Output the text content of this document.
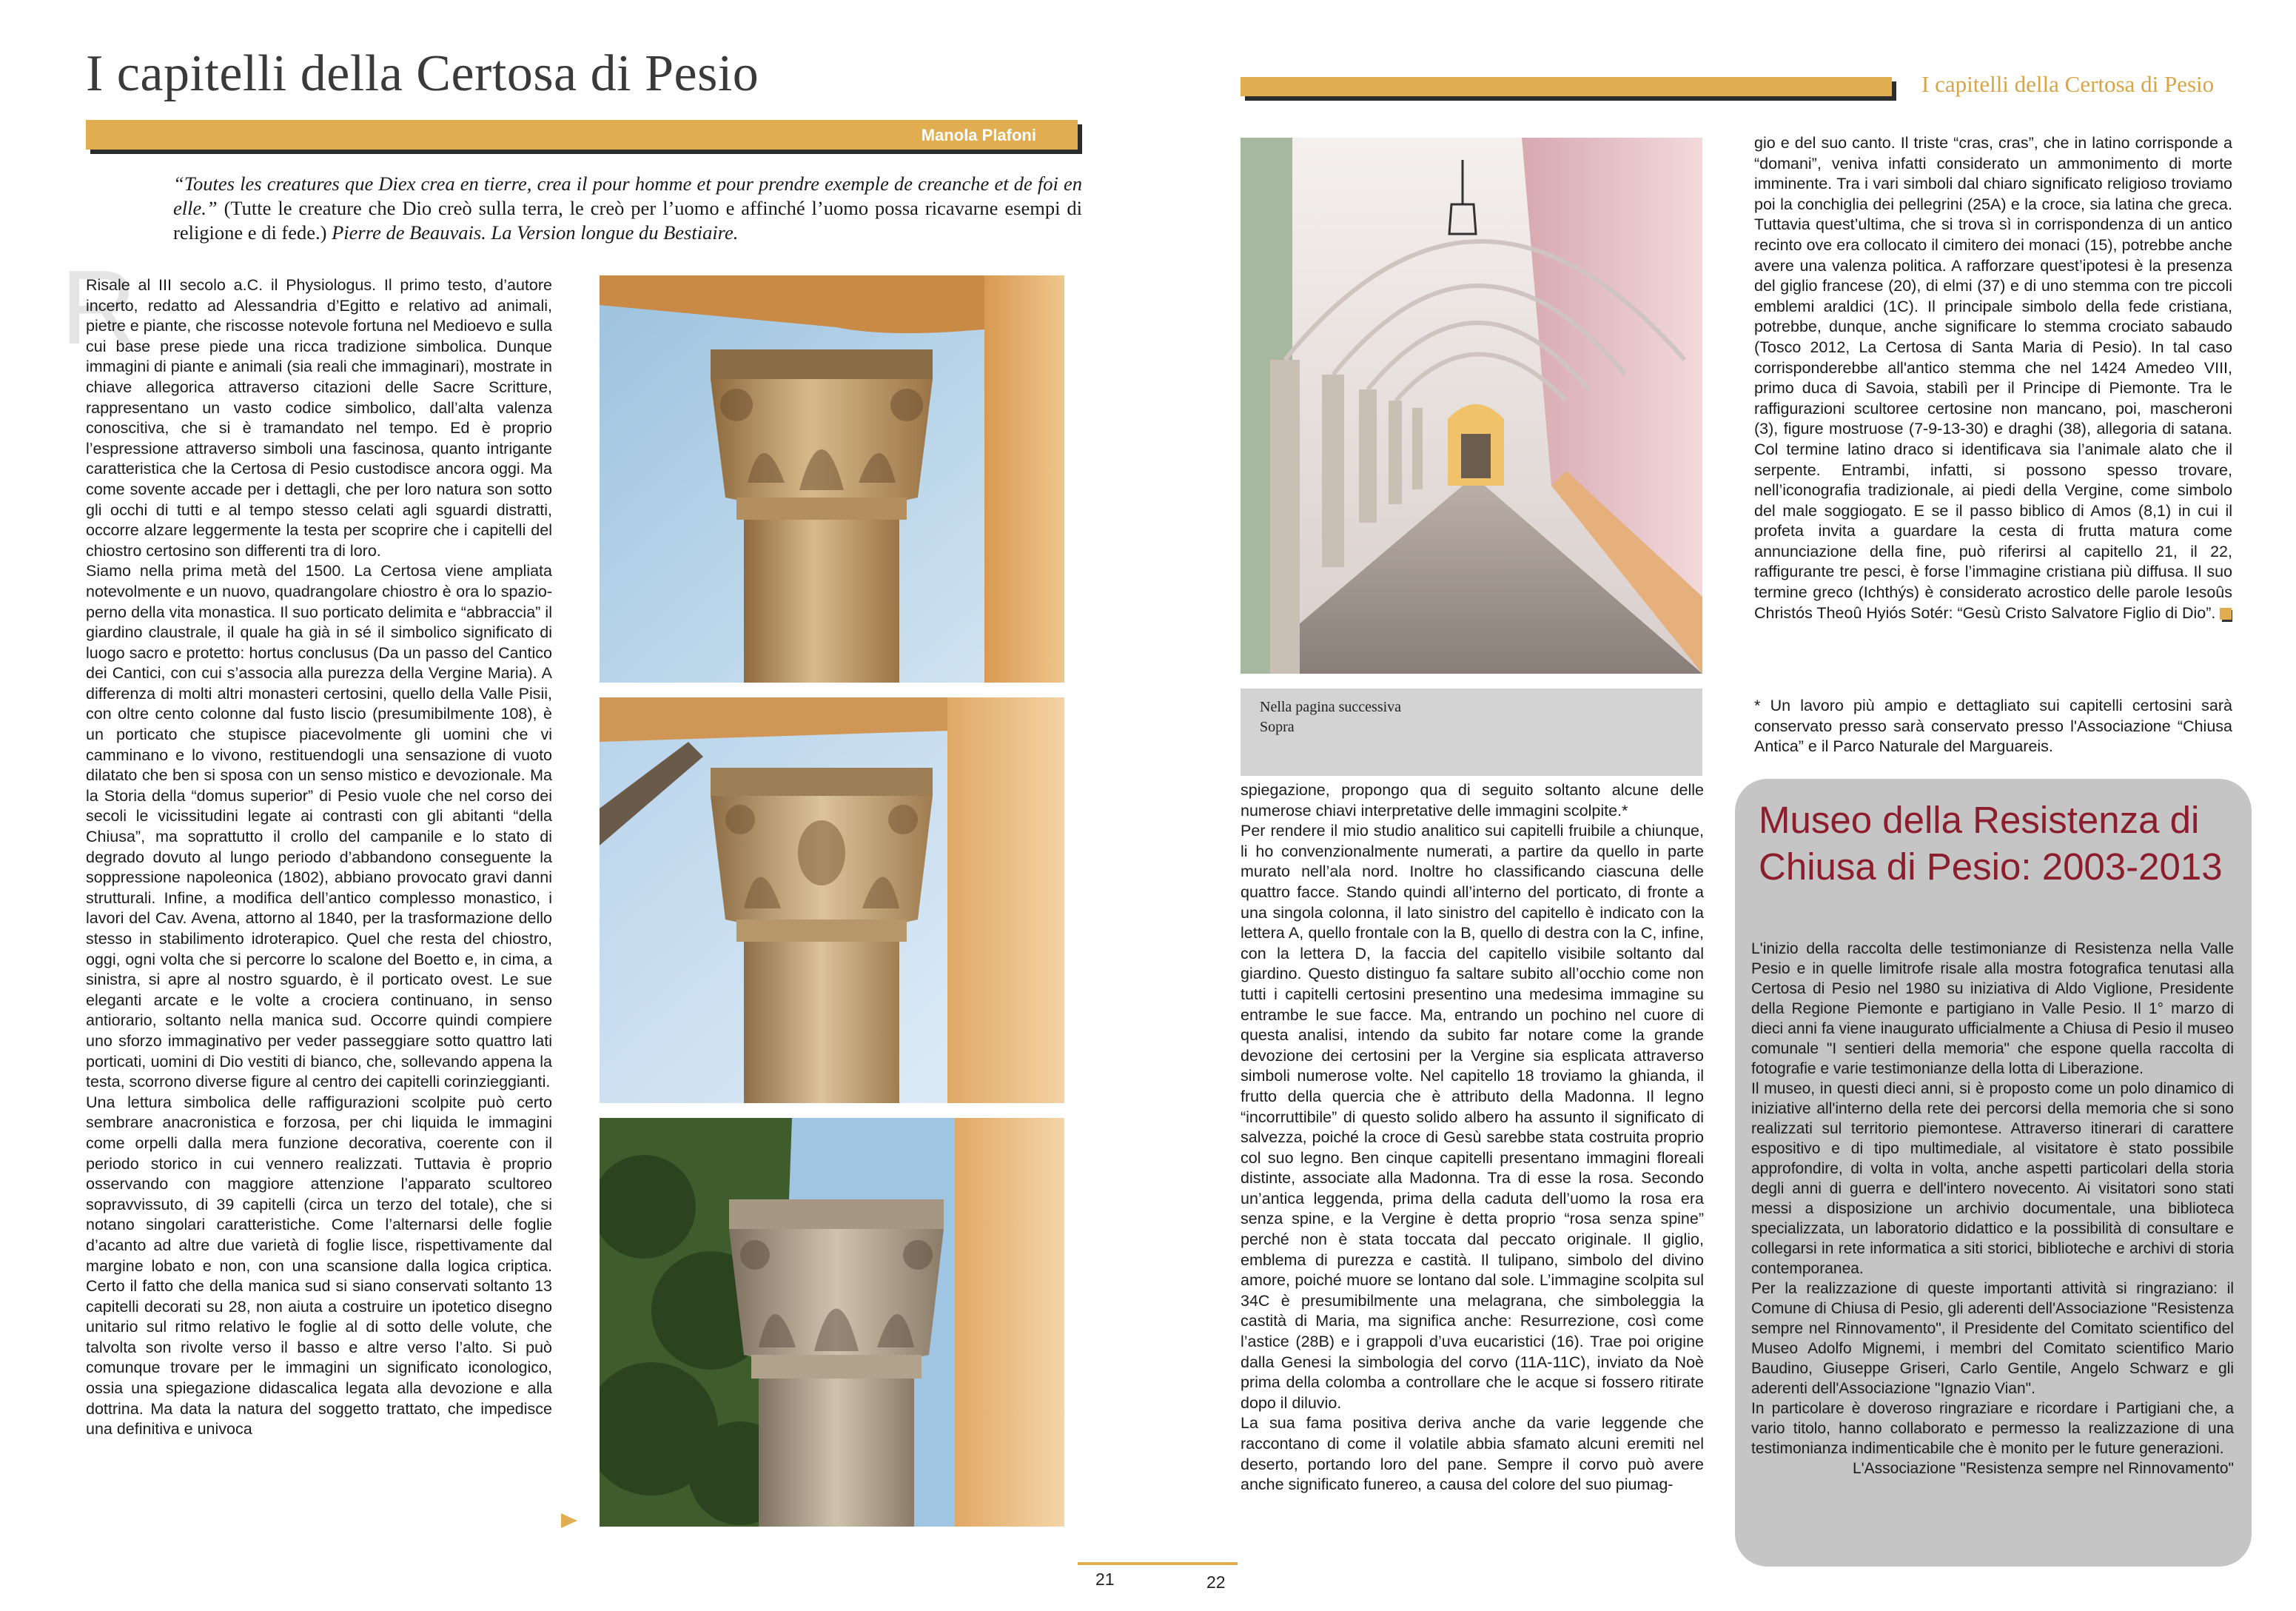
I capitelli della Certosa di Pesio
Manola Plafoni
“Toutes les creatures que Diex crea en tierre, crea il pour homme et pour prendre exemple de creanche et de foi en elle.” (Tutte le creature che Dio creò sulla terra, le creò per l’uomo e affinché l’uomo possa ricavarne esempi di religione e di fede.) Pierre de Beauvais. La Version longue du Bestiaire.
R

Risale al III secolo a.C. il Physiologus. Il primo testo, d’autore incerto, redatto ad Alessandria d’Egitto e relativo ad animali, pietre e piante, che riscosse notevole fortuna nel Medioevo e sulla cui base prese piede una ricca tradizione simbolica. Dunque immagini di piante e animali (sia reali che immaginari), mostrate in chiave allegorica attraverso citazioni delle Sacre Scritture, rappresentano un vasto codice simbolico, dall’alta valenza conoscitiva, che si è tramandato nel tempo. Ed è proprio l’espressione attraverso simboli una fascinosa, quanto intrigante caratteristica che la Certosa di Pesio custodisce ancora oggi. Ma come sovente accade per i dettagli, che per loro natura son sotto gli occhi di tutti e al tempo stesso celati agli sguardi distratti, occorre alzare leggermente la testa per scoprire che i capitelli del chiostro certosino son differenti tra di loro.

Siamo nella prima metà del 1500. La Certosa viene ampliata notevolmente e un nuovo, quadrangolare chiostro è ora lo spazio-perno della vita monastica. Il suo porticato delimita e “abbraccia” il giardino claustrale, il quale ha già in sé il simbolico significato di luogo sacro e protetto: hortus conclusus (Da un passo del Cantico dei Cantici, con cui s’associa alla purezza della Vergine Maria). A differenza di molti altri monasteri certosini, quello della Valle Pisii, con oltre cento colonne dal fusto liscio (presumibilmente 108), è un porticato che stupisce piacevolmente gli uomini che vi camminano e lo vivono, restituendogli una sensazione di vuoto dilatato che ben si sposa con un senso mistico e devozionale. Ma la Storia della “domus superior” di Pesio vuole che nel corso dei secoli le vicissitudini legate ai contrasti con gli abitanti “della Chiusa”, ma soprattutto il crollo del campanile e lo stato di degrado dovuto al lungo periodo d’abbandono conseguente la soppressione napoleonica (1802), abbiano provocato gravi danni strutturali. Infine, a modifica dell’antico complesso monastico, i lavori del Cav. Avena, attorno al 1840, per la trasformazione dello stesso in stabilimento idroterapico. Quel che resta del chiostro, oggi, ogni volta che si percorre lo scalone del Boetto e, in cima, a sinistra, si apre al nostro sguardo, è il porticato ovest. Le sue eleganti arcate e le volte a crociera continuano, in senso antiorario, soltanto nella manica sud. Occorre quindi compiere uno sforzo immaginativo per veder passeggiare sotto quattro lati porticati, uomini di Dio vestiti di bianco, che, sollevando appena la testa, scorrono diverse figure al centro dei capitelli corinzieggianti.

Una lettura simbolica delle raffigurazioni scolpite può certo sembrare anacronistica e forzosa, per chi liquida le immagini come orpelli dalla mera funzione decorativa, coerente con il periodo storico in cui vennero realizzati. Tuttavia è proprio osservando con maggiore attenzione l’apparato scultoreo sopravvissuto, di 39 capitelli (circa un terzo del totale), che si notano singolari caratteristiche. Come l’alternarsi delle foglie d’acanto ad altre due varietà di foglie lisce, rispettivamente dal margine lobato e non, con una scansione dalla logica criptica. Certo il fatto che della manica sud si siano conservati soltanto 13 capitelli decorati su 28, non aiuta a costruire un ipotetico disegno unitario sul ritmo relativo le foglie al di sotto delle volute, che talvolta son rivolte verso il basso e altre verso l’alto. Si può comunque trovare per le immagini un significato iconologico, ossia una spiegazione didascalica legata alla devozione e alla dottrina. Ma data la natura del soggetto trattato, che impedisce una definitiva e univoca

21
I capitelli della Certosa di Pesio
Nella pagina successiva
Sopra

spiegazione, propongo qua di seguito soltanto alcune delle numerose chiavi interpretative delle immagini scolpite.*

Per rendere il mio studio analitico sui capitelli fruibile a chiunque, li ho convenzionalmente numerati, a partire da quello in parte murato nell’ala nord. Inoltre ho classificando ciascuna delle quattro facce. Stando quindi all’interno del porticato, di fronte a una singola colonna, il lato sinistro del capitello è indicato con la lettera A, quello frontale con la B, quello di destra con la C, infine, con la lettera D, la faccia del capitello visibile soltanto dal giardino. Questo distinguo fa saltare subito all’occhio come non tutti i capitelli certosini presentino una medesima immagine su entrambe le sue facce. Ma, entrando un pochino nel cuore di questa analisi, intendo da subito far notare come la grande devozione dei certosini per la Vergine sia esplicata attraverso simboli numerose volte. Nel capitello 18 troviamo la ghianda, il frutto della quercia che è attributo della Madonna. Il legno “incorruttibile” di questo solido albero ha assunto il significato di salvezza, poiché la croce di Gesù sarebbe stata costruita proprio col suo legno. Ben cinque capitelli presentano immagini floreali distinte, associate alla Madonna. Tra di esse la rosa. Secondo un’antica leggenda, prima della caduta dell’uomo la rosa era senza spine, e la Vergine è detta proprio “rosa senza spine” perché non è stata toccata dal peccato originale. Il giglio, emblema di purezza e castità. Il tulipano, simbolo del divino amore, poiché muore se lontano dal sole. L’immagine scolpita sul 34C è presumibilmente una melagrana, che simboleggia la castità di Maria, ma significa anche: Resurrezione, così come l’astice (28B) e i grappoli d’uva eucaristici (16). Trae poi origine dalla Genesi la simbologia del corvo (11A-11C), inviato da Noè prima della colomba a controllare che le acque si fossero ritirate dopo il diluvio.

La sua fama positiva deriva anche da varie leggende che raccontano di come il volatile abbia sfamato alcuni eremiti nel deserto, portando loro del pane. Sempre il corvo può avere anche significato funereo, a causa del colore del suo piumag-

gio e del suo canto. Il triste “cras, cras”, che in latino corrisponde a “domani”, veniva infatti considerato un ammonimento di morte imminente. Tra i vari simboli dal chiaro significato religioso troviamo poi la conchiglia dei pellegrini (25A) e la croce, sia latina che greca. Tuttavia quest’ultima, che si trova sì in corrispondenza di un antico recinto ove era collocato il cimitero dei monaci (15), potrebbe anche avere una valenza politica. A rafforzare quest’ipotesi è la presenza del giglio francese (20), di elmi (37) e di uno stemma con tre piccoli emblemi araldici (1C). Il principale simbolo della fede cristiana, potrebbe, dunque, anche significare lo stemma crociato sabaudo (Tosco 2012, La Certosa di Santa Maria di Pesio). In tal caso corrisponderebbe all'antico stemma che nel 1424 Amedeo VIII, primo duca di Savoia, stabilì per il Principe di Piemonte. Tra le raffigurazioni scultoree certosine non mancano, poi, mascheroni (3), figure mostruose (7-9-13-30) e draghi (38), allegoria di satana. Col termine latino draco si identificava sia l’animale alato che il serpente. Entrambi, infatti, si possono spesso trovare, nell’iconografia tradizionale, ai piedi della Vergine, come simbolo del male soggiogato. E se il passo biblico di Amos (8,1) in cui il profeta invita a guardare la cesta di frutta matura come annunciazione della fine, può riferirsi al capitello 21, il 22, raffigurante tre pesci, è forse l’immagine cristiana più diffusa. Il suo termine greco (Ichthýs) è considerato acrostico delle parole Iesoûs Christós Theoû Hyiós Sotér: “Gesù Cristo Salvatore Figlio di Dio”.

* Un lavoro più ampio e dettagliato sui capitelli certosini sarà conservato presso sarà conservato presso l'Associazione “Chiusa Antica” e il Parco Naturale del Marguareis.
Museo della Resistenza di Chiusa di Pesio: 2003-2013

L'inizio della raccolta delle testimonianze di Resistenza nella Valle Pesio e in quelle limitrofe risale alla mostra fotografica tenutasi alla Certosa di Pesio nel 1980 su iniziativa di Aldo Viglione, Presidente della Regione Piemonte e partigiano in Valle Pesio. Il 1° marzo di dieci anni fa viene inaugurato ufficialmente a Chiusa di Pesio il museo comunale "I sentieri della memoria" che espone quella raccolta di fotografie e varie testimonianze della lotta di Liberazione.

Il museo, in questi dieci anni, si è proposto come un polo dinamico di iniziative all'interno della rete dei percorsi della memoria che si sono realizzati sul territorio piemontese. Attraverso itinerari di carattere espositivo e di tipo multimediale, al visitatore è stato possibile approfondire, di volta in volta, anche aspetti particolari della storia degli anni di guerra e dell'intero novecento. Ai visitatori sono stati messi a disposizione un archivio documentale, una biblioteca specializzata, un laboratorio didattico e la possibilità di consultare e collegarsi in rete informatica a siti storici, biblioteche e archivi di storia contemporanea.

Per la realizzazione di queste importanti attività si ringraziano: il Comune di Chiusa di Pesio, gli aderenti dell'Associazione "Resistenza sempre nel Rinnovamento", il Presidente del Comitato scientifico del Museo Adolfo Mignemi, i membri del Comitato scientifico Mario Baudino, Giuseppe Griseri, Carlo Gentile, Angelo Schwarz e gli aderenti dell'Associazione "Ignazio Vian".

In particolare è doveroso ringraziare e ricordare i Partigiani che, a vario titolo, hanno collaborato e permesso la realizzazione di una testimonianza indimenticabile che è monito per le future generazioni.

L'Associazione "Resistenza sempre nel Rinnovamento"

22
